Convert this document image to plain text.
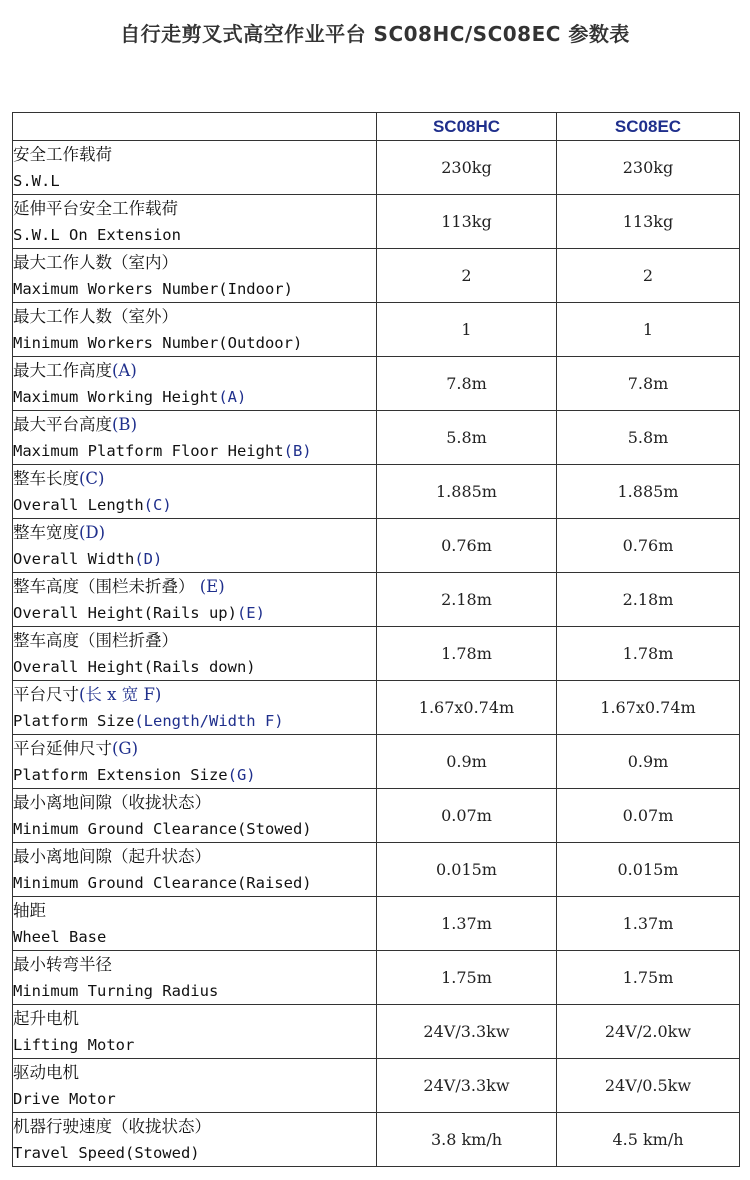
自行走剪叉式高空作业平台 SC08HC/SC08EC 参数表
	SC08HC	SC08EC

安全工作载荷
S.W.L	230kg	230kg

延伸平台安全工作载荷
S.W.L On Extension	113kg	113kg

最大工作人数（室内）
Maximum Workers Number(Indoor)	2	2

最大工作人数（室外）
Minimum Workers Number(Outdoor)	1	1

最大工作高度(A)
Maximum Working Height(A)	7.8m	7.8m

最大平台高度(B)
Maximum Platform Floor Height(B)	5.8m	5.8m

整车长度(C)
Overall Length(C)	1.885m	1.885m

整车宽度(D)
Overall Width(D)	0.76m	0.76m

整车高度（围栏未折叠） (E)
Overall Height(Rails up)(E)	2.18m	2.18m

整车高度（围栏折叠）
Overall Height(Rails down)	1.78m	1.78m

平台尺寸(长 x 宽 F)
Platform Size(Length/Width F)	1.67x0.74m	1.67x0.74m

平台延伸尺寸(G)
Platform Extension Size(G)	0.9m	0.9m

最小离地间隙（收拢状态）
Minimum Ground Clearance(Stowed)	0.07m	0.07m

最小离地间隙（起升状态）
Minimum Ground Clearance(Raised)	0.015m	0.015m

轴距
Wheel Base	1.37m	1.37m

最小转弯半径
Minimum Turning Radius	1.75m	1.75m

起升电机
Lifting Motor	24V/3.3kw	24V/2.0kw

驱动电机
Drive Motor	24V/3.3kw	24V/0.5kw

机器行驶速度（收拢状态）
Travel Speed(Stowed)	3.8 km/h	4.5 km/h
